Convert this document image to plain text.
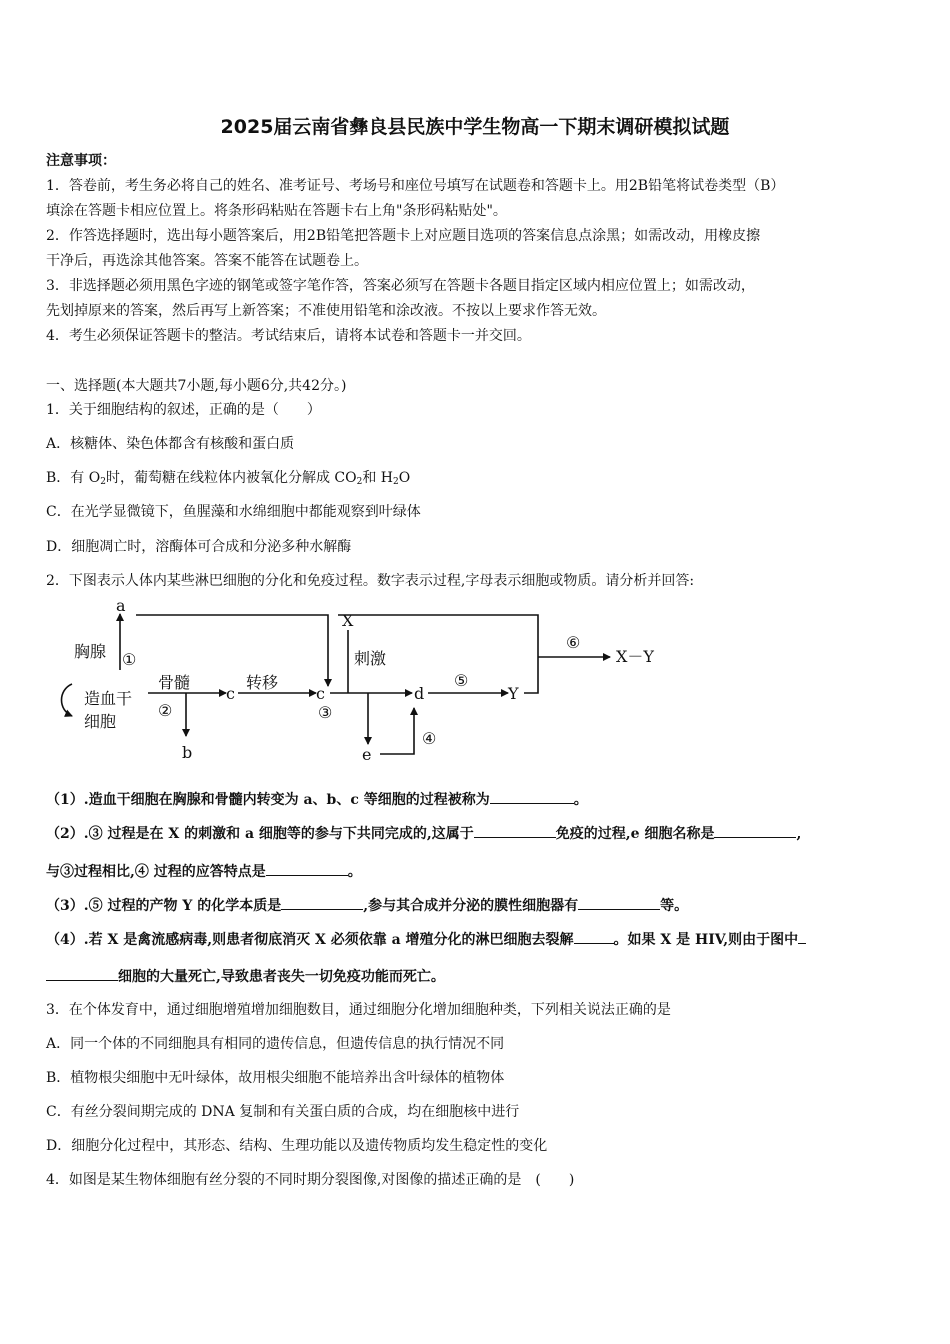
2025届云南省彝良县民族中学生物高一下期末调研模拟试题
注意事项：
1．答卷前，考生务必将自己的姓名、准考证号、考场号和座位号填写在试题卷和答题卡上。用2B铅笔将试卷类型（B）
填涂在答题卡相应位置上。将条形码粘贴在答题卡右上角"条形码粘贴处"。
2．作答选择题时，选出每小题答案后，用2B铅笔把答题卡上对应题目选项的答案信息点涂黑；如需改动，用橡皮擦
干净后，再选涂其他答案。答案不能答在试题卷上。
3．非选择题必须用黑色字迹的钢笔或签字笔作答，答案必须写在答题卡各题目指定区域内相应位置上；如需改动，
先划掉原来的答案，然后再写上新答案；不准使用铅笔和涂改液。不按以上要求作答无效。
4．考生必须保证答题卡的整洁。考试结束后，请将本试卷和答题卡一并交回。
一、选择题(本大题共7小题,每小题6分,共42分。)
1．关于细胞结构的叙述，正确的是（　　）
A．核糖体、染色体都含有核酸和蛋白质
B．有 $O_2$时，葡萄糖在线粒体内被氧化分解成 $CO_2$和 $H_2O$
C．在光学显微镜下，鱼腥藻和水绵细胞中都能观察到叶绿体
D．细胞凋亡时，溶酶体可合成和分泌多种水解酶
2．下图表示人体内某些淋巴细胞的分化和免疫过程。数字表示过程,字母表示细胞或物质。请分析并回答:
a
b
c	c	d
e
X
Y
X－Y
胸腺
造血干
细胞
骨髓	转移
刺激
①
②	③
④
⑤
⑥
（1）.造血干细胞在胸腺和骨髓内转变为 a、b、c 等细胞的过程被称为	。
（2）.③ 过程是在 X 的刺激和 a 细胞等的参与下共同完成的,这属于	免疫的过程,e 细胞名称是	,
与③过程相比,④ 过程的应答特点是	。
（3）.⑤ 过程的产物 Y 的化学本质是	,参与其合成并分泌的膜性细胞器有	等。
（4）.若 X 是禽流感病毒,则患者彻底消灭 X 必须依靠 a 增殖分化的淋巴细胞去裂解	。如果 X 是 HIV,则由于图中
细胞的大量死亡,导致患者丧失一切免疫功能而死亡。
3．在个体发育中，通过细胞增殖增加细胞数目，通过细胞分化增加细胞种类，下列相关说法正确的是
A．同一个体的不同细胞具有相同的遗传信息，但遗传信息的执行情况不同
B．植物根尖细胞中无叶绿体，故用根尖细胞不能培养出含叶绿体的植物体
C．有丝分裂间期完成的 DNA 复制和有关蛋白质的合成，均在细胞核中进行
D．细胞分化过程中，其形态、结构、生理功能以及遗传物质均发生稳定性的变化
4．如图是某生物体细胞有丝分裂的不同时期分裂图像,对图像的描述正确的是　(　　)
